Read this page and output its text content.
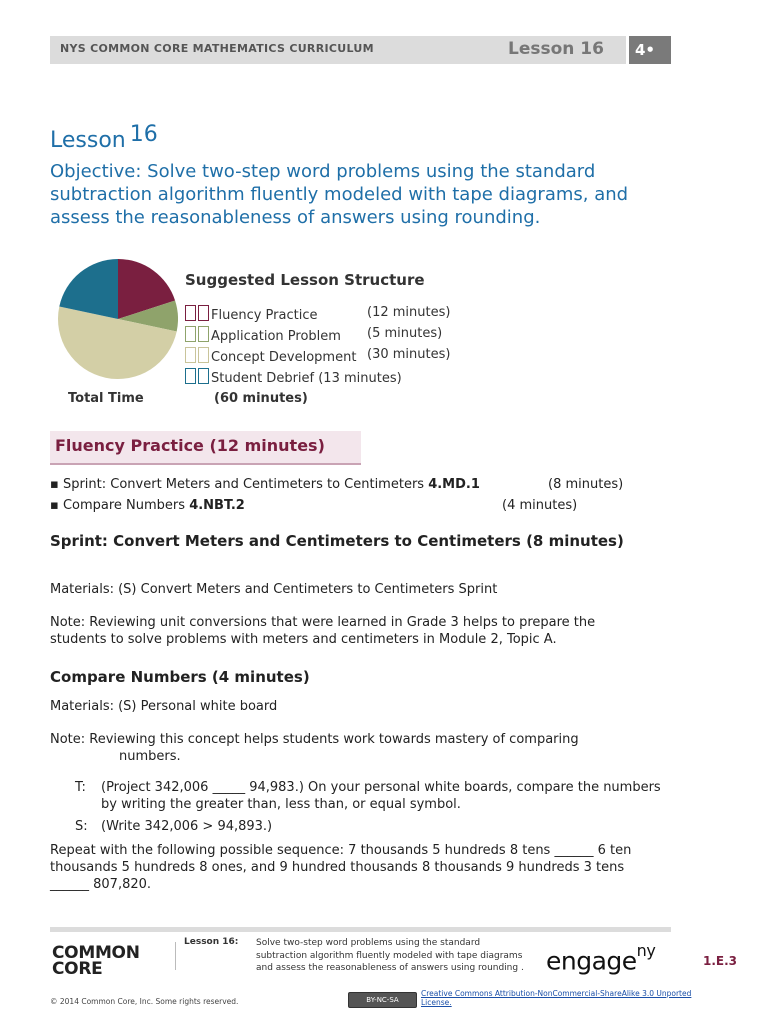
NYS COMMON CORE MATHEMATICS CURRICULUM	Lesson 16	4•
Lesson 16
Objective: Solve two-step word problems using the standard subtraction algorithm fluently modeled with tape diagrams, and assess the reasonableness of answers using rounding.
Suggested Lesson Structure
Fluency Practice	(12 minutes)
Application Problem (5 minutes)
Concept Development (30 minutes)
Student Debrief (13 minutes)
Total Time	(60 minutes)
Fluency Practice (12 minutes)
▪ Sprint: Convert Meters and Centimeters to Centimeters 4.MD.1	(8 minutes)
▪ Compare Numbers 4.NBT.2	(4 minutes)
Sprint: Convert Meters and Centimeters to Centimeters (8 minutes)
Materials: (S) Convert Meters and Centimeters to Centimeters Sprint
Note: Reviewing unit conversions that were learned in Grade 3 helps to prepare the students to solve problems with meters and centimeters in Module 2, Topic A.
Compare Numbers (4 minutes)
Materials: (S) Personal white board
Note: Reviewing this concept helps students work towards mastery of comparing
numbers.
T: (Project 342,006 _____ 94,983.) On your personal white boards, compare the numbers by writing the greater than, less than, or equal symbol.
S: (Write 342,006 > 94,893.)
Repeat with the following possible sequence: 7 thousands 5 hundreds 8 tens ______ 6 ten thousands 5 hundreds 8 ones, and 9 hundred thousands 8 thousands 9 hundreds 3 tens ______ 807,820.
COMMON
CORE
Lesson 16: Solve two-step word problems using the standard subtraction algorithm fluently modeled with tape diagrams and assess the reasonableness of answers using rounding . engage$^{ny}$
1.E.3
© 2014 Common Core, Inc. Some rights reserved.	BY-NC-SA
Creative Commons Attribution-NonCommercial-ShareAlike 3.0 Unported License.
